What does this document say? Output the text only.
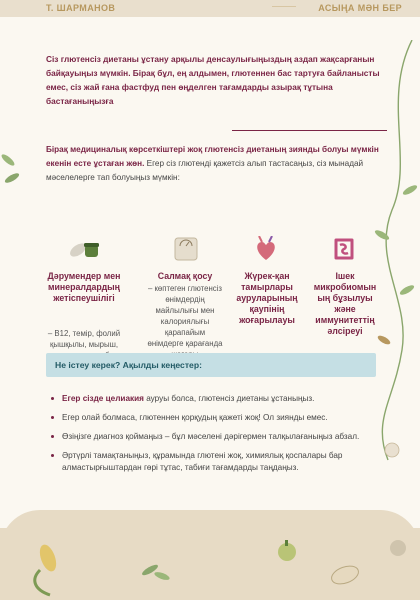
Т. ШАРМАНОВ	АСЫҢА МӘН БЕР

Сіз глютенсіз диетаны ұстану арқылы денсаулығыңыздың аздап жақсарғанын байқауыңыз мүмкін. Бірақ бұл, ең алдымен, глютеннен бас тартуға байланысты емес, сіз жай ғана фастфуд пен өңделген тағамдарды азырақ тұтына бастағаныңызға

Бірақ медициналық көрсеткіштері жоқ глютенсіз диетаның зиянды болуы мүмкін екенін есте ұстаған жөн. Егер сіз глютенді қажетсіз алып тастасаңыз, сіз мынадай мәселелерге тап болуыңыз мүмкін:

Дәрумендер мен минералдардың жетіспеушілігі

– B12, темір, фолий қышқылы, мырыш,

Салмақ қосу

– көптеген глютенсіз өнімдердің майлылығы мен калориялығы қарапайым өнімдерге қарағанда

Жүрек-қан тамырлары ауруларының қаупінің жоғарылауы

Ішек микробиомын ың бұзылуы және иммунитеттің әлсіреуі

Не істеу керек? Ақылды кеңестер:
Егер сізде целиакия ауруы болса, глютенсіз диетаны ұстаныңыз.
Егер олай болмаса, глютеннен қорқудың қажеті жоқ! Ол зиянды емес.
Өзіңізге диагноз қоймаңыз – бұл мәселені дәрігермен талқылағаныңыз абзал.
Әртүрлі тамақтаныңыз, құрамында глютені жоқ, химиялық қоспалары бар алмастырғыштардан гөрі тұтас, табиғи тағамдарды таңдаңыз.
